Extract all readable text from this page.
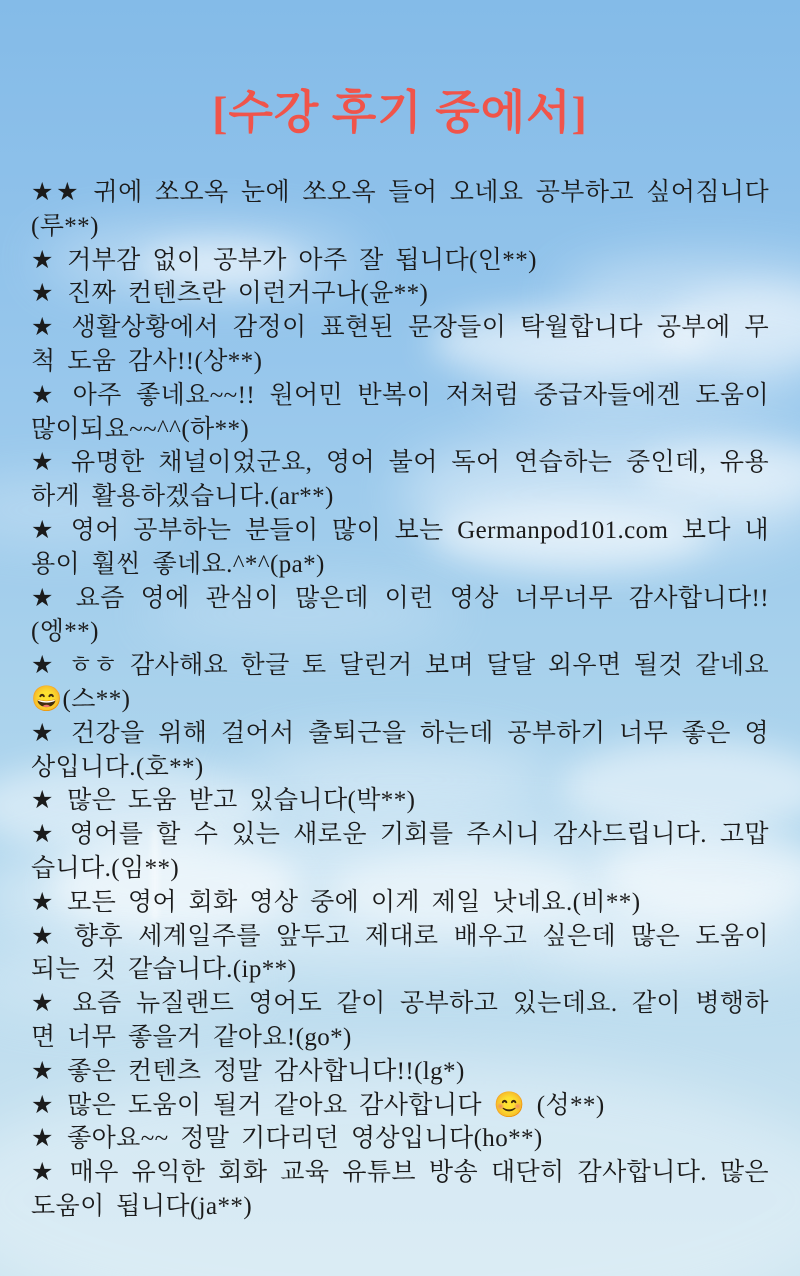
[수강 후기 중에서]

★★ 귀에 쏘오옥 눈에 쏘오옥 들어 오네요 공부하고 싶어짐니다(루**)

★ 거부감 없이 공부가 아주 잘 됩니다(인**)

★ 진짜 컨텐츠란 이런거구나(윤**)

★ 생활상황에서 감정이 표현된 문장들이 탁월합니다 공부에 무척 도움 감사!!(상**)

★ 아주 좋네요~~!! 원어민 반복이 저처럼 중급자들에겐 도움이 많이되요~~^^(하**)

★ 유명한 채널이었군요, 영어 불어 독어 연습하는 중인데, 유용하게 활용하겠습니다.(ar**)

★ 영어 공부하는 분들이 많이 보는 Germanpod101.com 보다 내용이 훨씬 좋네요.^*^(pa*)

★ 요즘 영에 관심이 많은데 이런 영상 너무너무 감사합니다!! (엥**)

★ ㅎㅎ 감사해요 한글 토 달린거 보며 달달 외우면 될것 같네요　😄(스**)

★ 건강을 위해 걸어서 출퇴근을 하는데 공부하기 너무 좋은 영상입니다.(호**)

★ 많은 도움 받고 있습니다(박**)

★ 영어를 할 수 있는 새로운 기회를 주시니 감사드립니다. 고맙습니다.(임**)

★ 모든 영어 회화 영상 중에 이게 제일 낫네요.(비**)

★ 향후 세계일주를 앞두고 제대로 배우고 싶은데 많은 도움이 되는 것 같습니다.(ip**)

★ 요즘 뉴질랜드 영어도 같이 공부하고 있는데요. 같이 병행하면 너무 좋을거 같아요!(go*)

★ 좋은 컨텐츠 정말 감사합니다!!(lg*)

★ 많은 도움이 될거 같아요 감사합니다 😊 (성**)

★ 좋아요~~ 정말 기다리던 영상입니다(ho**)

★ 매우 유익한 회화 교육 유튜브 방송 대단히 감사합니다. 많은 도움이 됩니다(ja**)
